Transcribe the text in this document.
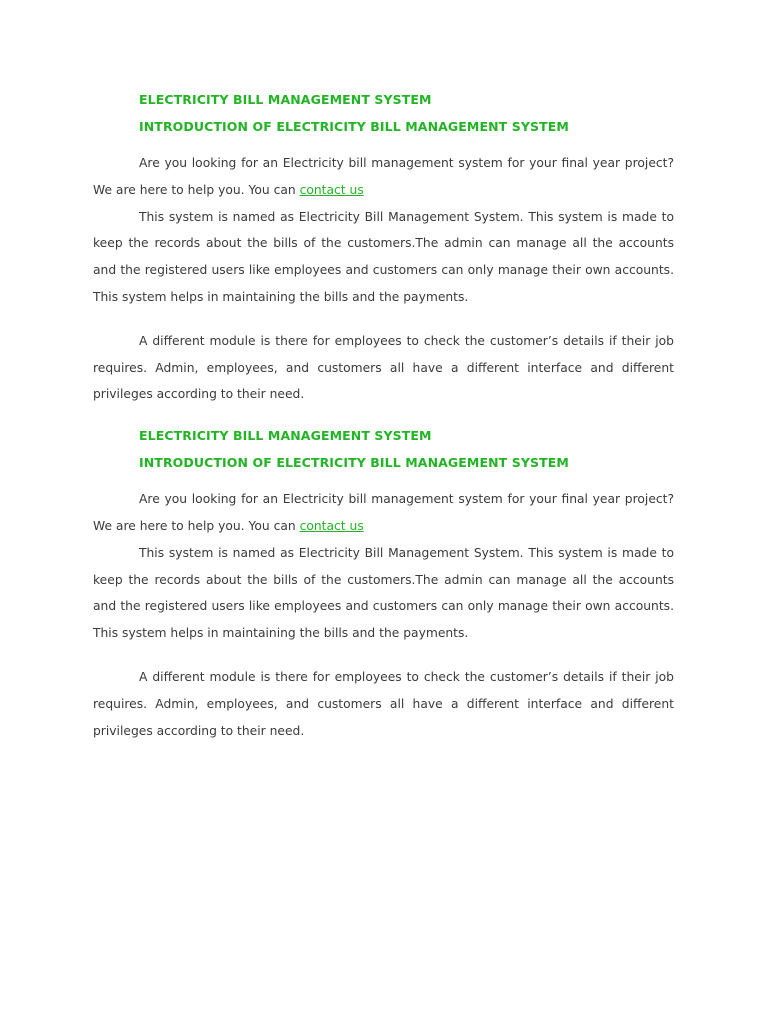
ELECTRICITY BILL MANAGEMENT SYSTEM
INTRODUCTION OF ELECTRICITY BILL MANAGEMENT SYSTEM

Are you looking for an Electricity bill management system for your final year project? We are here to help you. You can contact us

This system is named as Electricity Bill Management System. This system is made to keep the records about the bills of the customers.The admin can manage all the accounts and the registered users like employees and customers can only manage their own accounts. This system helps in maintaining the bills and the payments.

A different module is there for employees to check the customer’s details if their job requires. Admin, employees, and customers all have a different interface and different privileges according to their need.

ELECTRICITY BILL MANAGEMENT SYSTEM
INTRODUCTION OF ELECTRICITY BILL MANAGEMENT SYSTEM

Are you looking for an Electricity bill management system for your final year project? We are here to help you. You can contact us

This system is named as Electricity Bill Management System. This system is made to keep the records about the bills of the customers.The admin can manage all the accounts and the registered users like employees and customers can only manage their own accounts. This system helps in maintaining the bills and the payments.

A different module is there for employees to check the customer’s details if their job requires. Admin, employees, and customers all have a different interface and different privileges according to their need.
